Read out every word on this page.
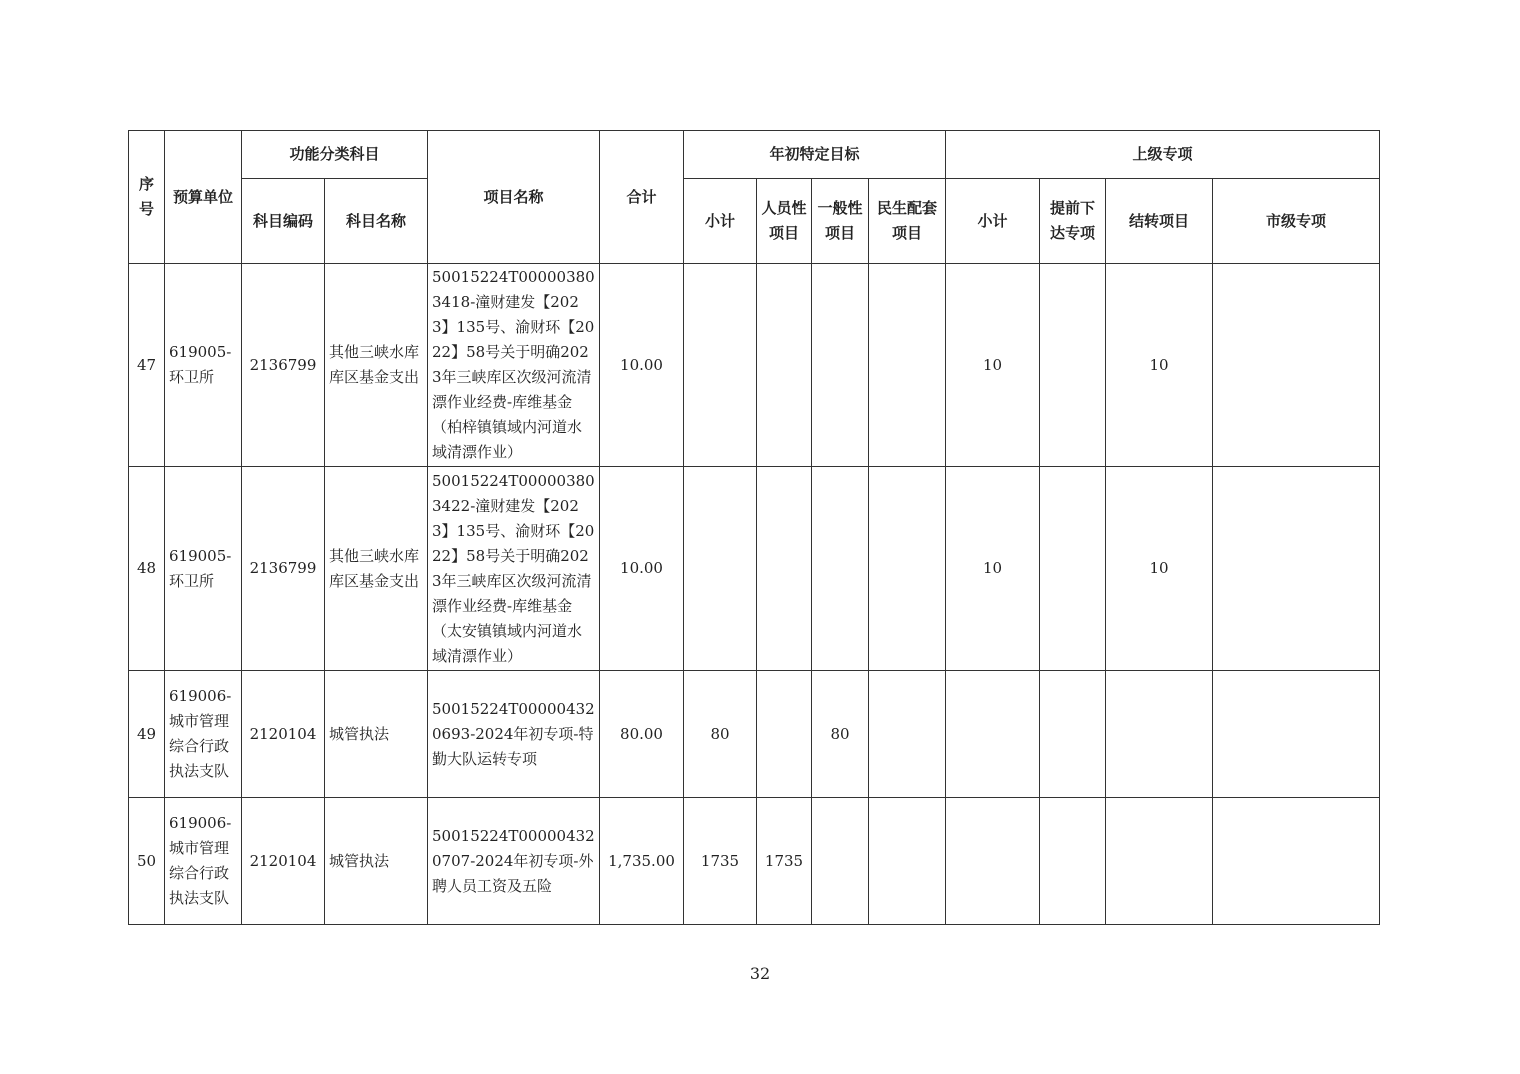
序号	预算单位	功能分类科目		项目名称	合计	年初特定目标				上级专项			
		科目编码	科目名称			小计	人员性项目	一般性项目	民生配套项目	小计	提前下达专项	结转项目	市级专项
47	619005-环卫所	2136799	其他三峡水库库区基金支出	50015224T000003803418-潼财建发【2023】135号、渝财环【2022】58号关于明确2023年三峡库区次级河流清漂作业经费-库维基金（柏梓镇镇域内河道水域清漂作业）	10.00					10		10	
48	619005-环卫所	2136799	其他三峡水库库区基金支出	50015224T000003803422-潼财建发【2023】135号、渝财环【2022】58号关于明确2023年三峡库区次级河流清漂作业经费-库维基金（太安镇镇域内河道水域清漂作业）	10.00					10		10	
49	619006-城市管理综合行政执法支队	2120104	城管执法	50015224T000004320693-2024年初专项-特勤大队运转专项	80.00	80		80					
50	619006-城市管理综合行政执法支队	2120104	城管执法	50015224T000004320707-2024年初专项-外聘人员工资及五险	1,735.00	1735	1735						
32
